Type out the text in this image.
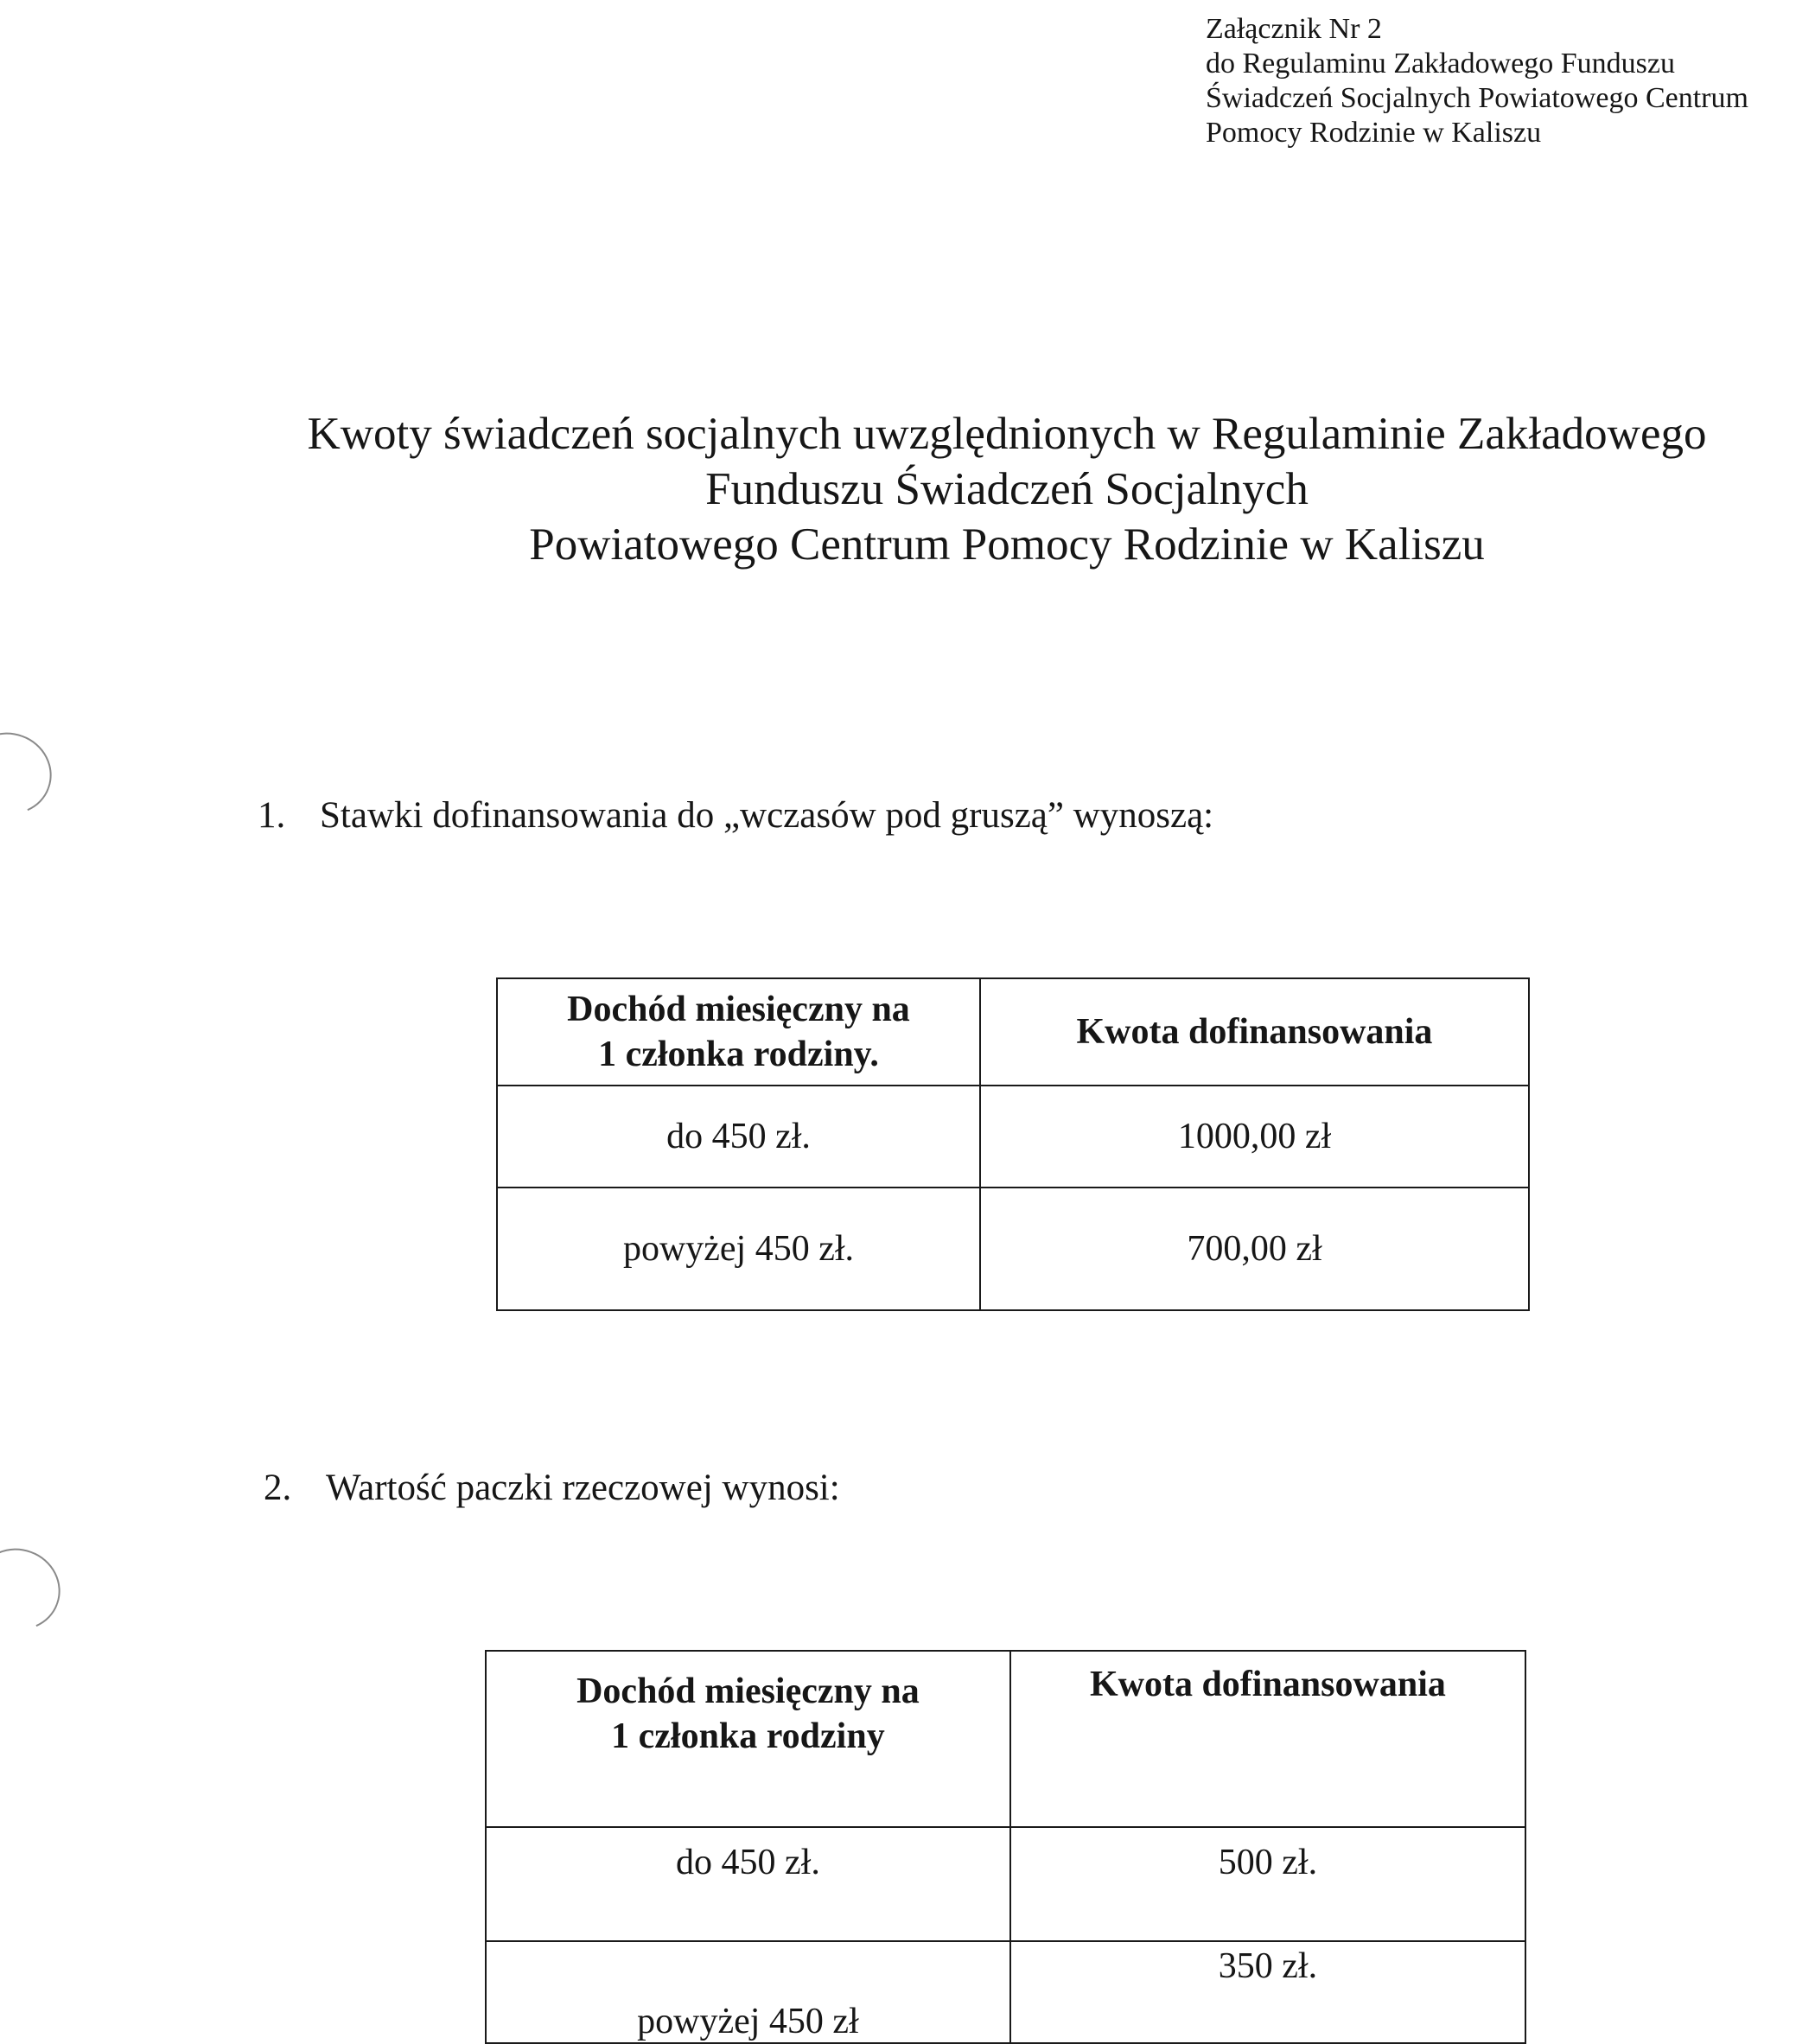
Załącznik Nr 2
do Regulaminu Zakładowego Funduszu
Świadczeń Socjalnych Powiatowego Centrum
Pomocy Rodzinie w Kaliszu
Kwoty świadczeń socjalnych uwzględnionych w Regulaminie Zakładowego
Funduszu Świadczeń Socjalnych
Powiatowego Centrum Pomocy Rodzinie w Kaliszu

1. Stawki dofinansowania do „wczasów pod gruszą” wynoszą:

Dochód miesięczny na
1 członka rodziny.	Kwota dofinansowania

do 450 zł.	1000,00 zł
powyżej 450 zł.	700,00 zł

2. Wartość paczki rzeczowej wynosi:

Dochód miesięczny na
1 członka rodziny	Kwota dofinansowania

do 450 zł.	500 zł.
powyżej 450 zł	350 zł.
